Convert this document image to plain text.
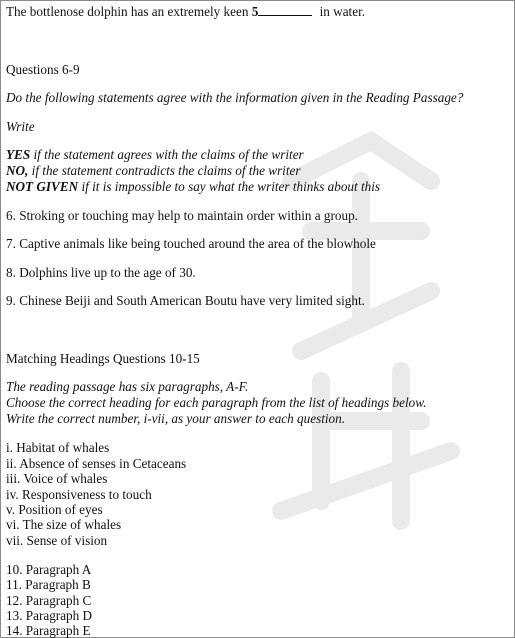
The bottlenose dolphin has an extremely keen 5	in water.
Questions 6-9
Do the following statements agree with the information given in the Reading Passage?
Write
YES if the statement agrees with the claims of the writer
NO, if the statement contradicts the claims of the writer
NOT GIVEN if it is impossible to say what the writer thinks about this
6. Stroking or touching may help to maintain order within a group.
7. Captive animals like being touched around the area of the blowhole
8. Dolphins live up to the age of 30.
9. Chinese Beiji and South American Boutu have very limited sight.
Matching Headings Questions 10-15
The reading passage has six paragraphs, A-F.
Choose the correct heading for each paragraph from the list of headings below.
Write the correct number, i-vii, as your answer to each question.
i. Habitat of whales
ii. Absence of senses in Cetaceans
iii. Voice of whales
iv. Responsiveness to touch
v. Position of eyes
vi. The size of whales
vii. Sense of vision
10. Paragraph A
11. Paragraph B
12. Paragraph C
13. Paragraph D
14. Paragraph E
